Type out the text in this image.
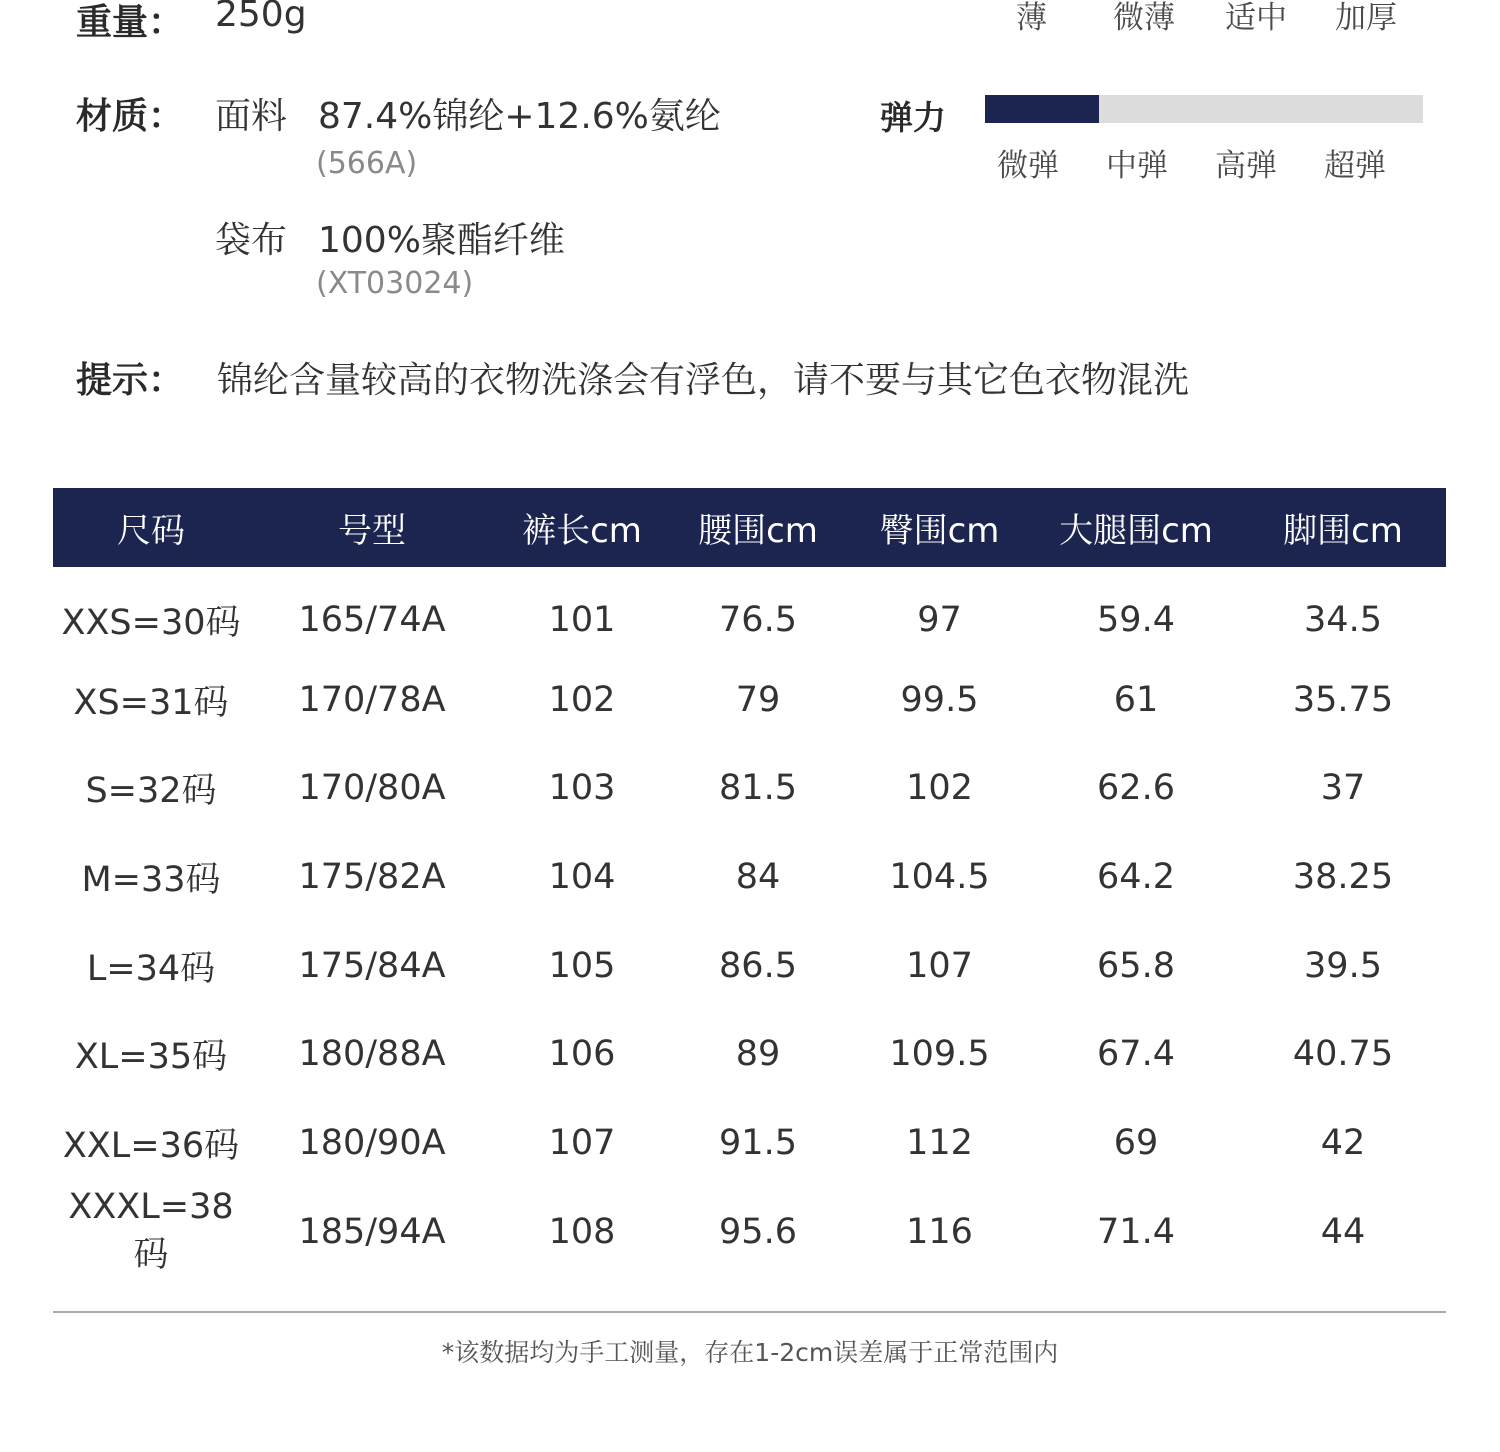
重量： 250g	薄 微薄 适中 加厚
材质： 面料 87.4%锦纶+12.6%氨纶
(566A)
袋布 100%聚酯纤维
(XT03024)
弹力
微弹 中弹 高弹 超弹
提示： 锦纶含量较高的衣物洗涤会有浮色，请不要与其它色衣物混洗
尺码	号型	裤长cm	腰围cm	臀围cm	大腿围cm	脚围cm
XXS=30码	165/74A	101	76.5	97	59.4	34.5
XS=31码	170/78A	102	79	99.5	61	35.75
S=32码	170/80A	103	81.5	102	62.6	37
M=33码	175/82A	104	84	104.5	64.2	38.25
L=34码	175/84A	105	86.5	107	65.8	39.5
XL=35码	180/88A	106	89	109.5	67.4	40.75
XXL=36码	180/90A	107	91.5	112	69	42
XXXL=38码	185/94A	108	95.6	116	71.4	44
*该数据均为手工测量，存在1-2cm误差属于正常范围内
